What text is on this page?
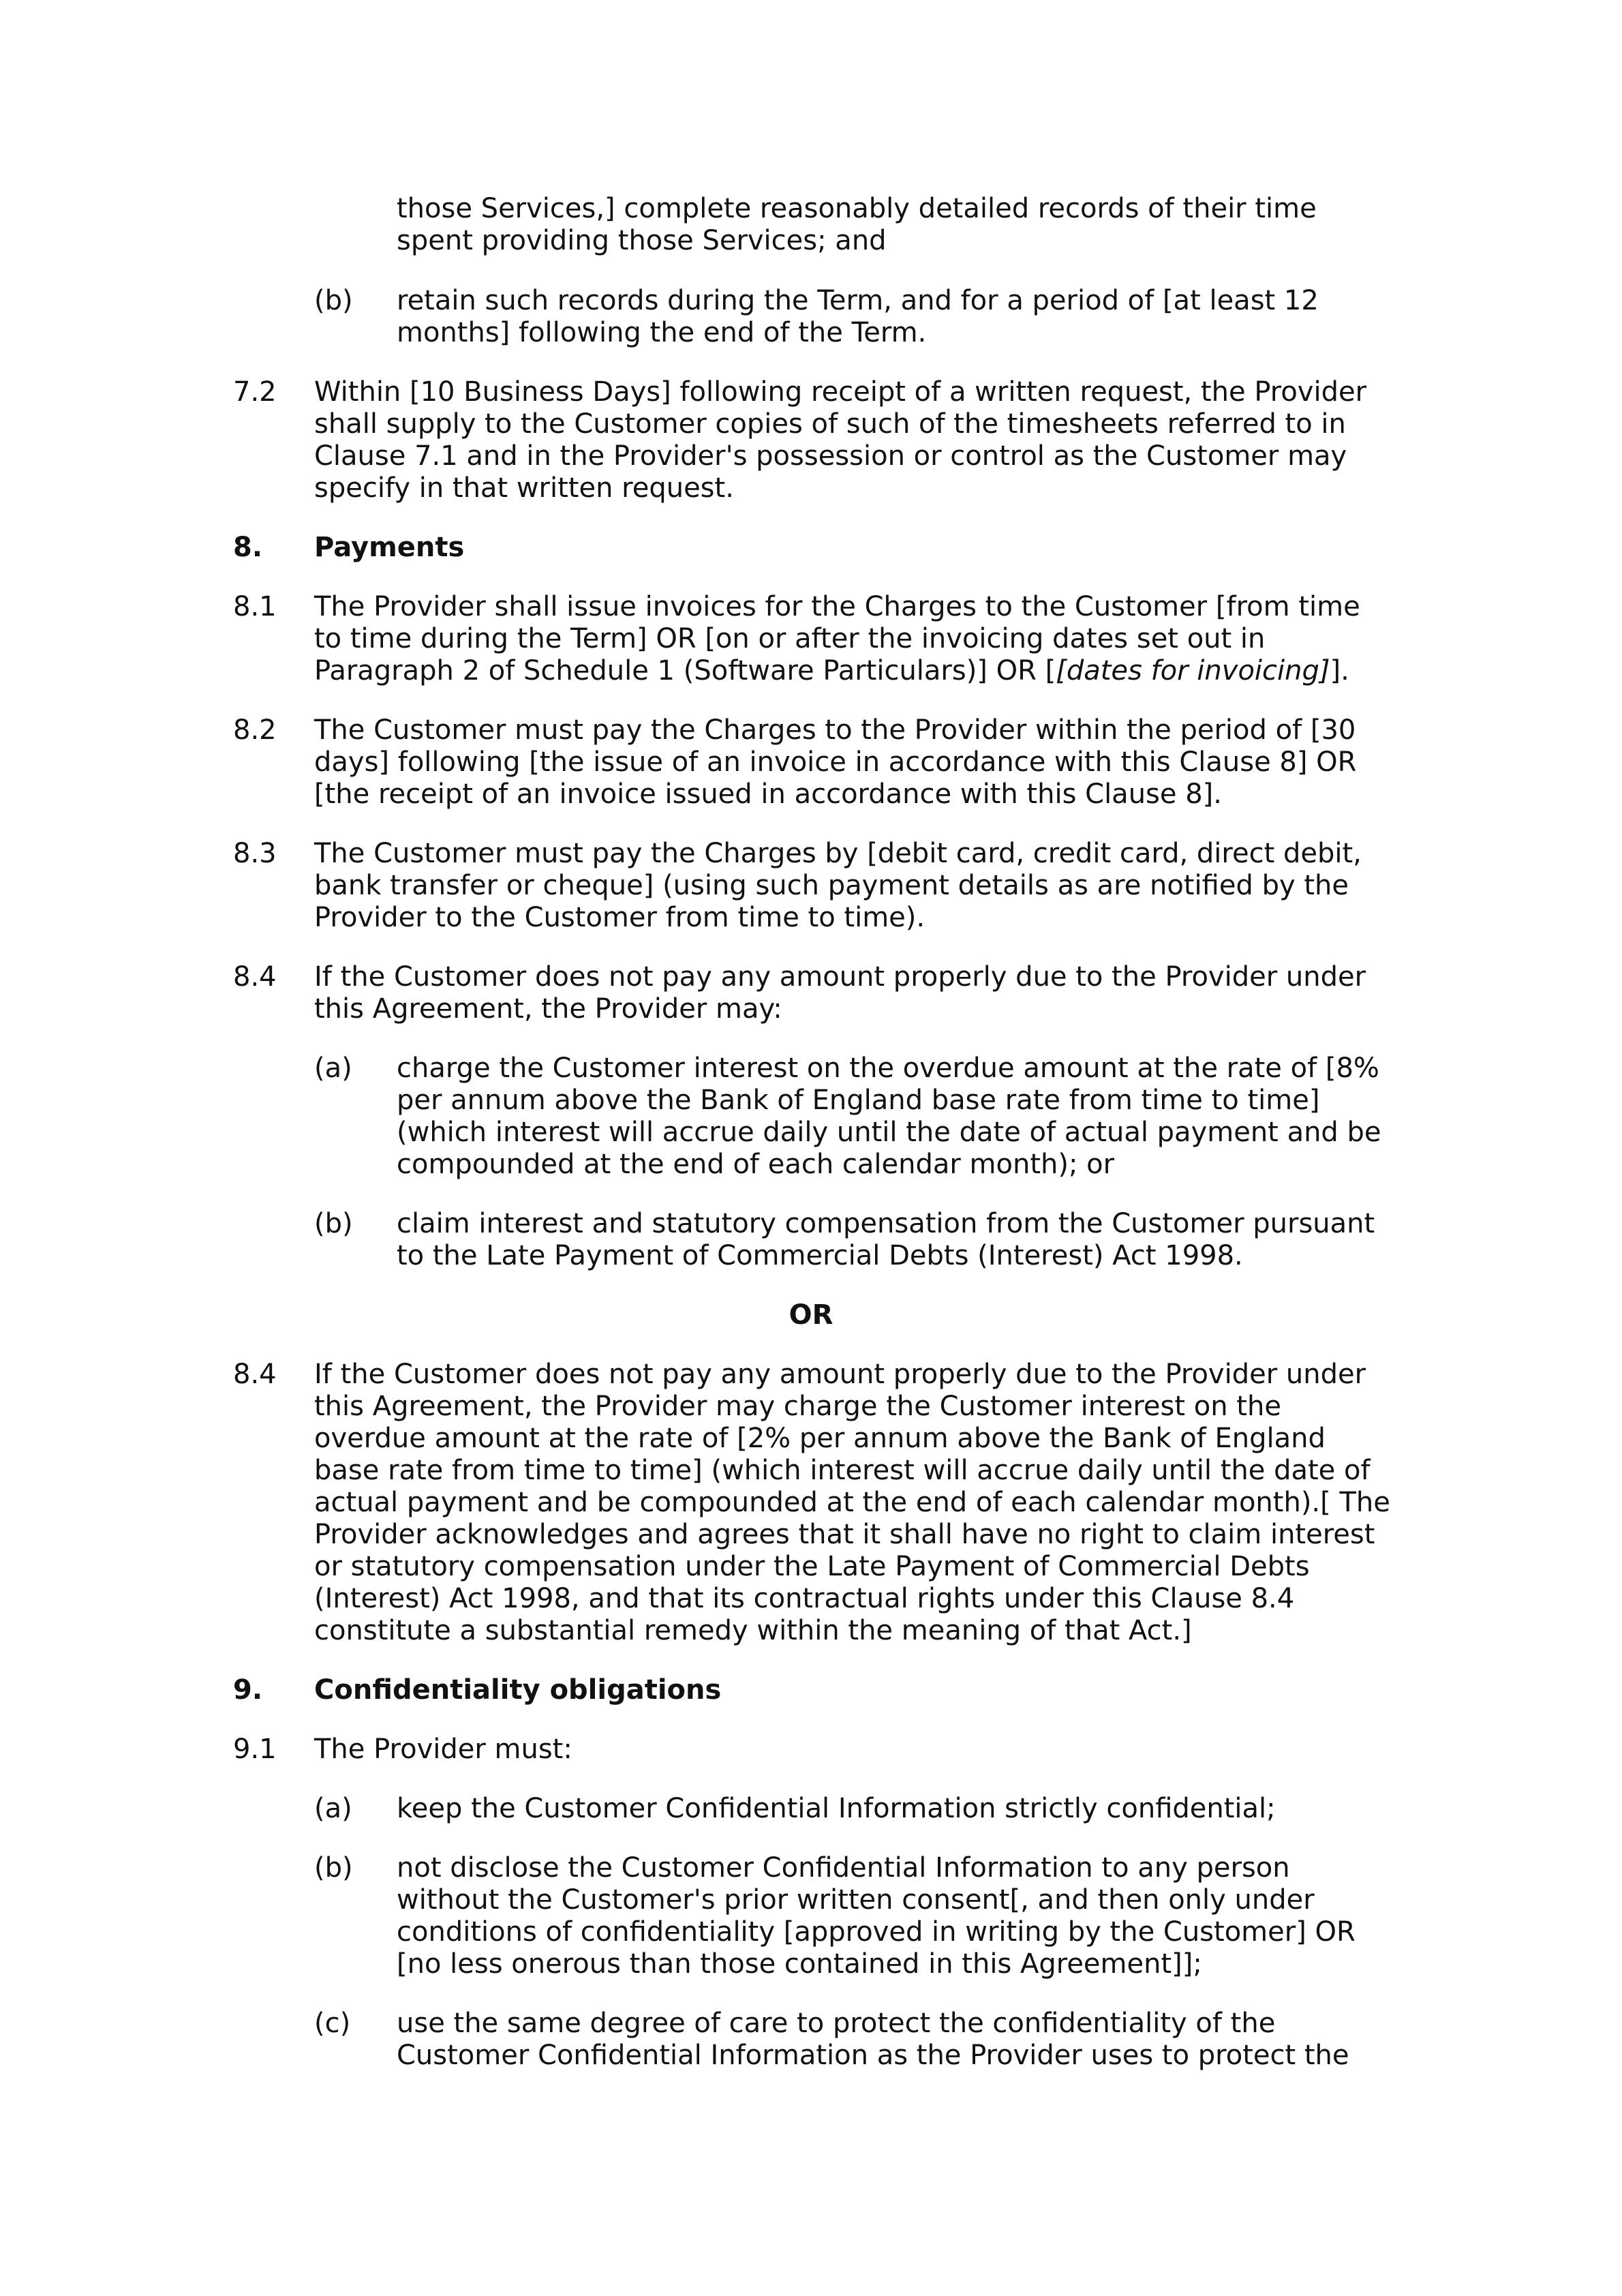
those Services,] complete reasonably detailed records of their time
spent providing those Services; and
(b) retain such records during the Term, and for a period of [at least 12
months] following the end of the Term.
7.2 Within [10 Business Days] following receipt of a written request, the Provider
shall supply to the Customer copies of such of the timesheets referred to in
Clause 7.1 and in the Provider's possession or control as the Customer may
specify in that written request.
8. Payments
8.1 The Provider shall issue invoices for the Charges to the Customer [from time
to time during the Term] OR [on or after the invoicing dates set out in
Paragraph 2 of Schedule 1 (Software Particulars)] OR [[dates for invoicing]].
8.2 The Customer must pay the Charges to the Provider within the period of [30
days] following [the issue of an invoice in accordance with this Clause 8] OR
[the receipt of an invoice issued in accordance with this Clause 8].
8.3 The Customer must pay the Charges by [debit card, credit card, direct debit,
bank transfer or cheque] (using such payment details as are notified by the
Provider to the Customer from time to time).
8.4 If the Customer does not pay any amount properly due to the Provider under
this Agreement, the Provider may:
(a) charge the Customer interest on the overdue amount at the rate of [8%
per annum above the Bank of England base rate from time to time]
(which interest will accrue daily until the date of actual payment and be
compounded at the end of each calendar month); or
(b) claim interest and statutory compensation from the Customer pursuant
to the Late Payment of Commercial Debts (Interest) Act 1998.
OR
8.4 If the Customer does not pay any amount properly due to the Provider under
this Agreement, the Provider may charge the Customer interest on the
overdue amount at the rate of [2% per annum above the Bank of England
base rate from time to time] (which interest will accrue daily until the date of
actual payment and be compounded at the end of each calendar month).[ The
Provider acknowledges and agrees that it shall have no right to claim interest
or statutory compensation under the Late Payment of Commercial Debts
(Interest) Act 1998, and that its contractual rights under this Clause 8.4
constitute a substantial remedy within the meaning of that Act.]
9. Confidentiality obligations
9.1 The Provider must:
(a) keep the Customer Confidential Information strictly confidential;
(b) not disclose the Customer Confidential Information to any person
without the Customer's prior written consent[, and then only under
conditions of confidentiality [approved in writing by the Customer] OR
[no less onerous than those contained in this Agreement]];
(c) use the same degree of care to protect the confidentiality of the
Customer Confidential Information as the Provider uses to protect the
